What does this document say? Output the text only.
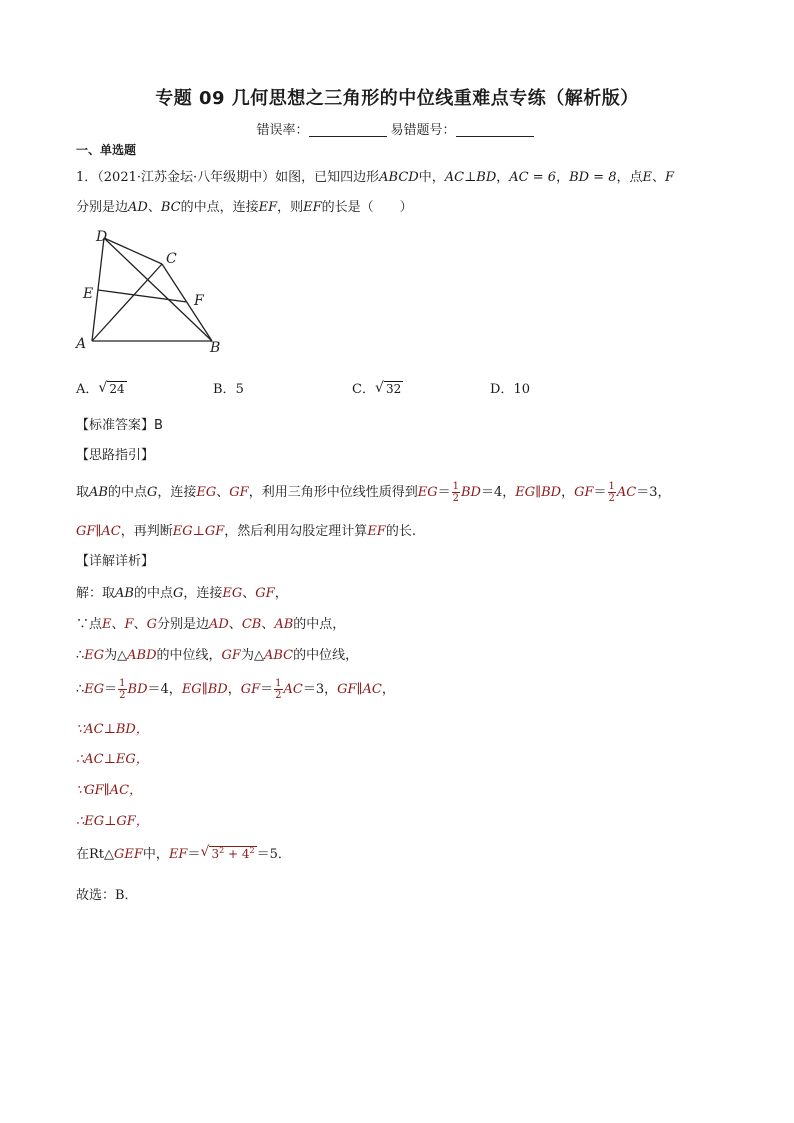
专题 09 几何思想之三角形的中位线重难点专练（解析版）
错误率：	易错题号：
一、单选题
1．（2021·江苏金坛·八年级期中）如图，已知四边形ABCD中，AC⊥BD，AC = 6，BD = 8，点E、F
分别是边AD、BC的中点，连接EF，则EF的长是（　　）
D
C
E	F
A	B
A． √ 24	B．5	C． √ 32	D．10
【标准答案】B
【思路指引】
取AB的中点G，连接EG、GF，利用三角形中位线性质得到$EG= \frac{1}{2} BD=4$，EG∥BD，$GF= \frac{1}{2} AC=3$，
GF∥AC，再判断EG⊥GF，然后利用勾股定理计算EF的长.
【详解详析】
解：取AB的中点G，连接EG、GF，
∵点E、F、G分别是边AD、CB、AB的中点，
∴EG为△ABD的中位线，GF为△ABC的中位线，
∴EG＝ $\frac{1}{2} BD=4$，EG∥BD，$GF= \frac{1}{2} AC=3$，GF∥AC，
∵AC⊥BD，
∴AC⊥EG，
∵GF∥AC，
∴EG⊥GF，
在Rt△GEF中，EF＝ √ $3^2 + 4^2 =5$．
故选：B．
